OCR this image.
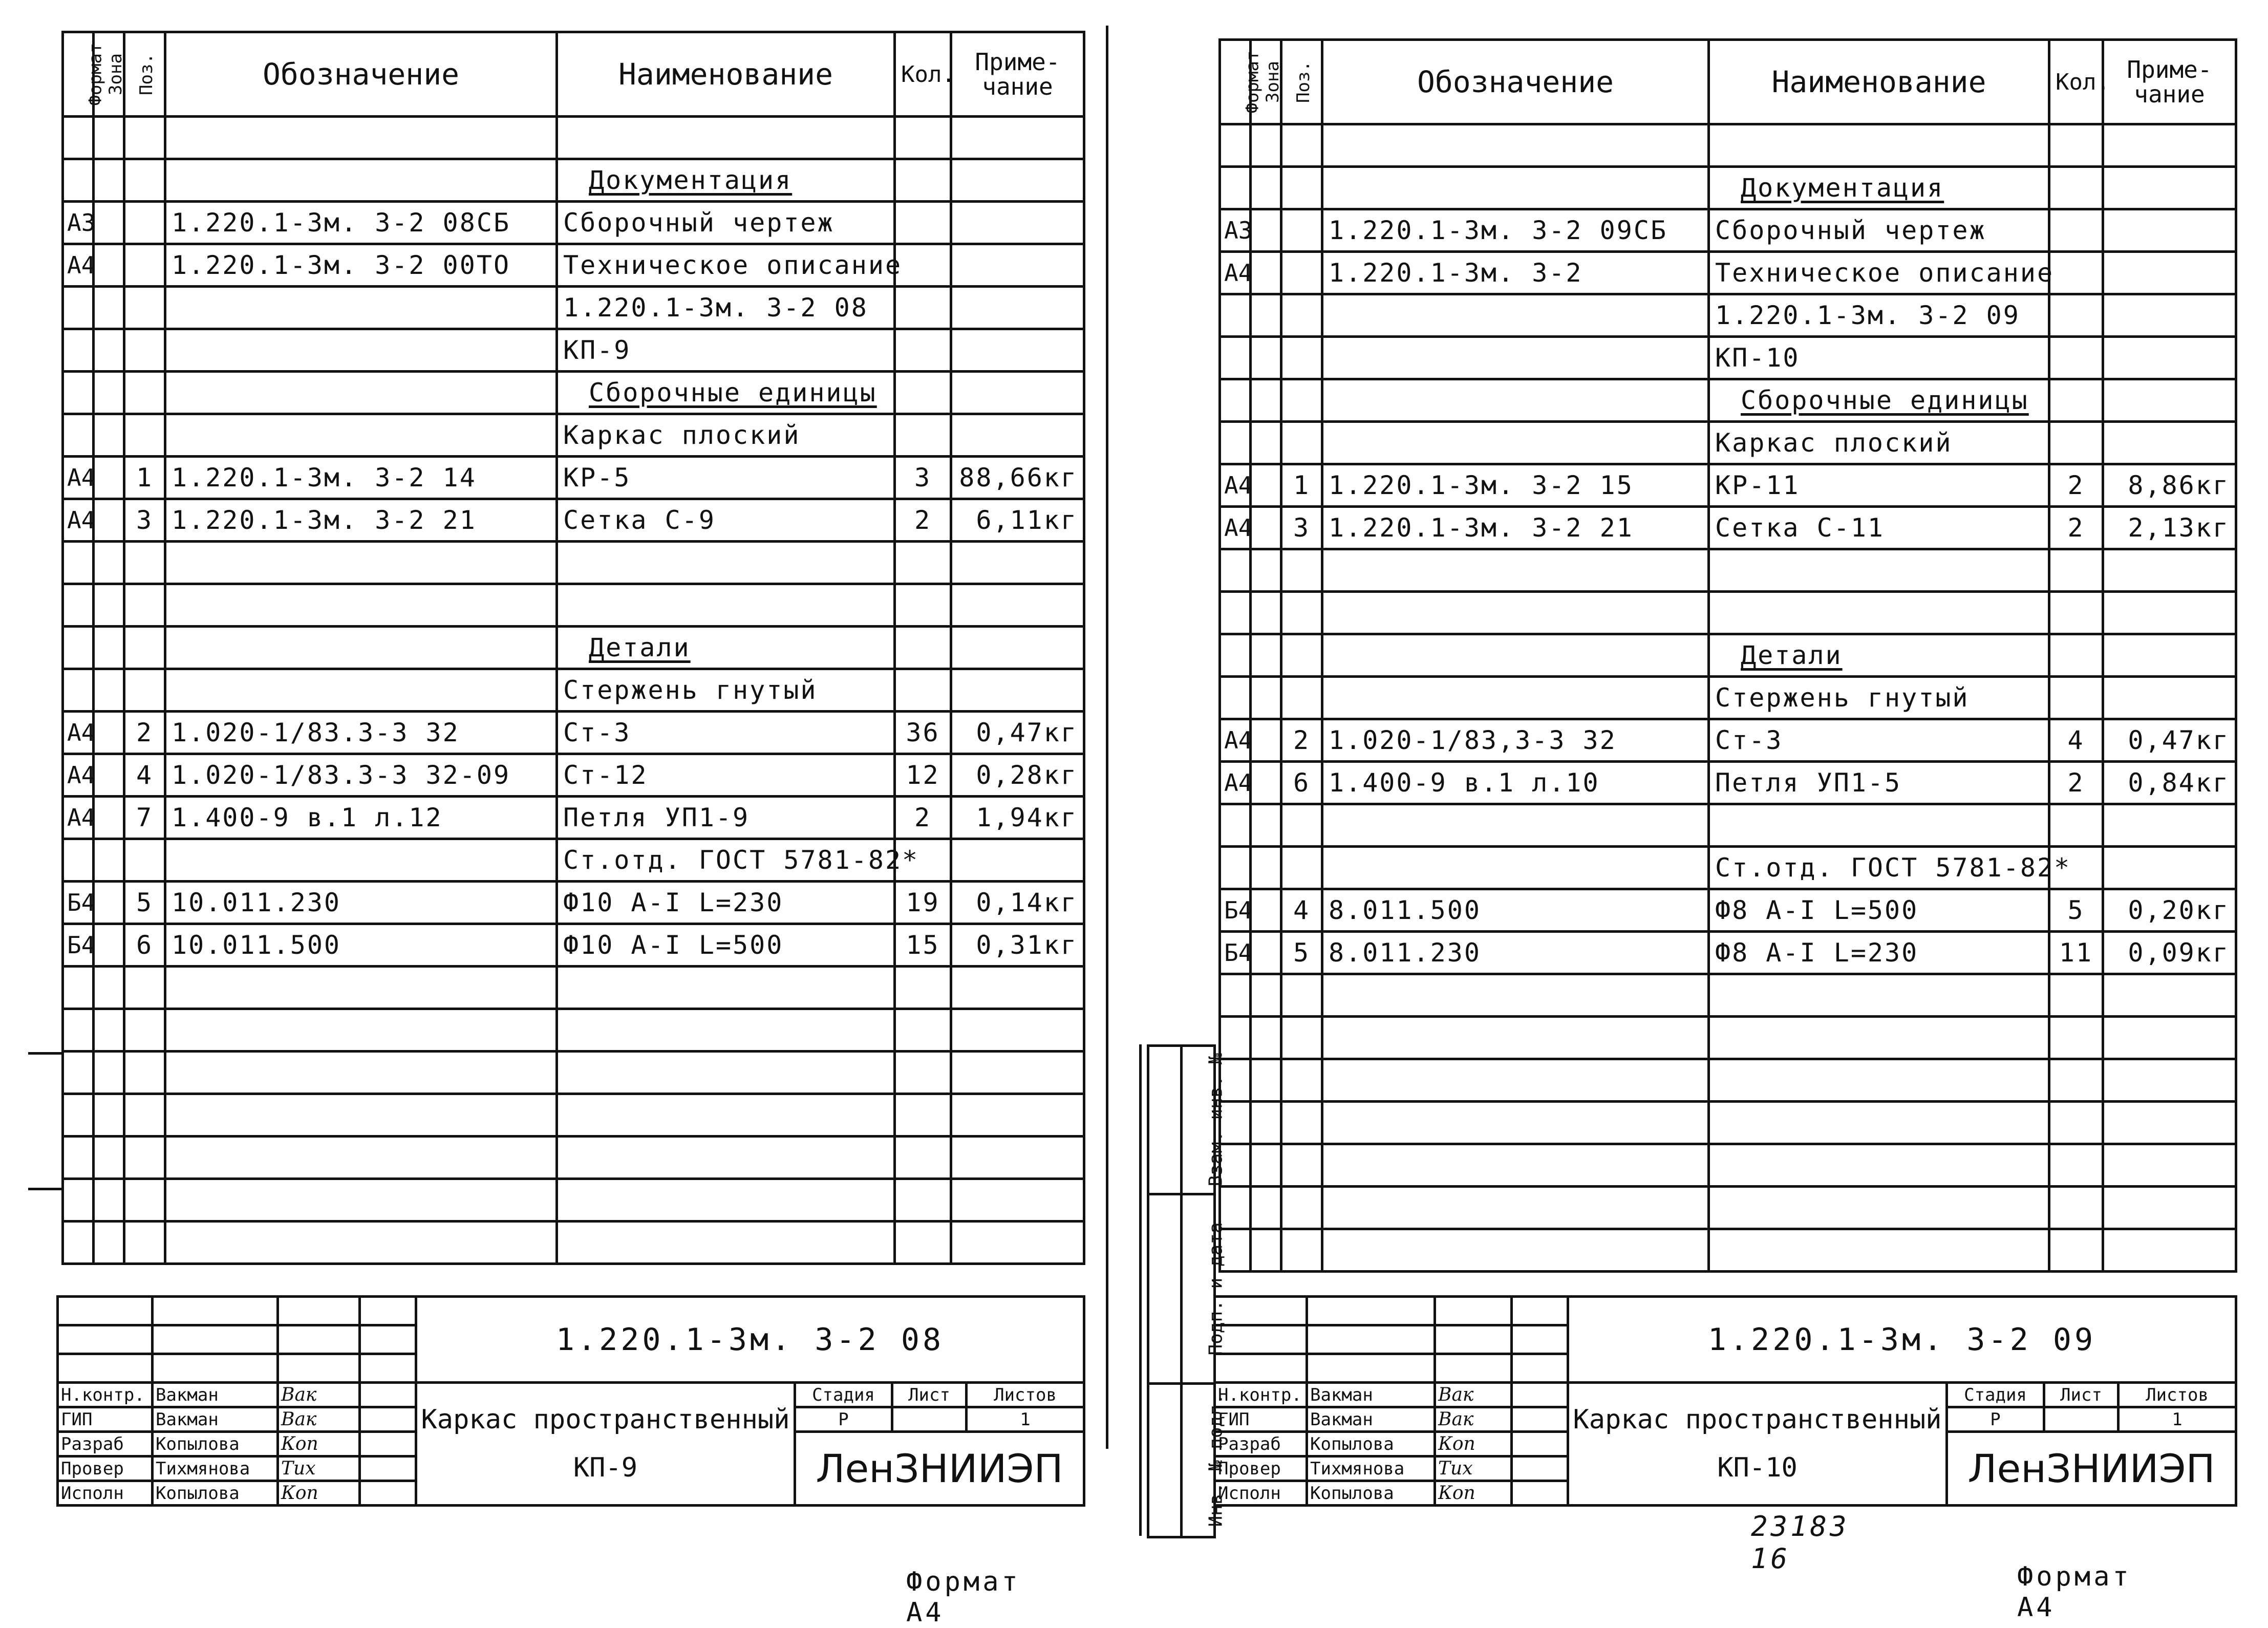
Формат	Зона	Поз.	Обозначение	Наименование	Кол.	Приме-чание

				Документация		
А3			1.220.1-3м. 3-2 08СБ	Сборочный чертеж		
А4			1.220.1-3м. 3-2 00ТО	Техническое описание		
				1.220.1-3м. 3-2 08		
				КП-9		
				Сборочные единицы		
				Каркас плоский		
А4		1	1.220.1-3м. 3-2 14	КР-5	3	88,66кг
А4		3	1.220.1-3м. 3-2 21	Сетка С-9	2	6,11кг

				Детали		
				Стержень гнутый		
А4		2	1.020-1/83.3-3 32	Ст-3	36	0,47кг
А4		4	1.020-1/83.3-3 32-09	Ст-12	12	0,28кг
А4		7	1.400-9 в.1 л.12	Петля УП1-9	2	1,94кг
				Ст.отд. ГОСТ 5781-82*		
Б4		5	10.011.230	Ф10 А-I L=230	19	0,14кг
Б4		6	10.011.500	Ф10 А-I L=500	15	0,31кг

				1.220.1-3м. 3-2 08			

Н.контр.	Вакман	Вак		Каркас пространственный КП-9	Стадия	Лист	Листов
ГИП	Вакман	Вак			Р		1
Разраб	Копылова	Коп			ЛенЗНИИЭП		
Провер	Тихмянова	Тих					
Исполн	Копылова	Коп					
Формат А4
Формат	Зона	Поз.	Обозначение	Наименование	Кол.	Приме-чание

				Документация		
А3			1.220.1-3м. 3-2 09СБ	Сборочный чертеж		
А4			1.220.1-3м. 3-2	Техническое описание		
				1.220.1-3м. 3-2 09		
				КП-10		
				Сборочные единицы		
				Каркас плоский		
А4		1	1.220.1-3м. 3-2 15	КР-11	2	8,86кг
А4		3	1.220.1-3м. 3-2 21	Сетка С-11	2	2,13кг

				Детали		
				Стержень гнутый		
А4		2	1.020-1/83,3-3 32	Ст-3	4	0,47кг
А4		6	1.400-9 в.1 л.10	Петля УП1-5	2	0,84кг

				Ст.отд. ГОСТ 5781-82*		
Б4		4	8.011.500	Ф8 А-I L=500	5	0,20кг
Б4		5	8.011.230	Ф8 А-I L=230	11	0,09кг

Взам. инв. №	
Подп. и дата	
Инв. № подл.	
				1.220.1-3м. 3-2 09			

Н.контр.	Вакман	Вак		Каркас пространственный КП-10	Стадия	Лист	Листов
ГИП	Вакман	Вак			Р		1
Разраб	Копылова	Коп			ЛенЗНИИЭП		
Провер	Тихмянова	Тих					
Исполн	Копылова	Коп					
23183 16
Формат А4
